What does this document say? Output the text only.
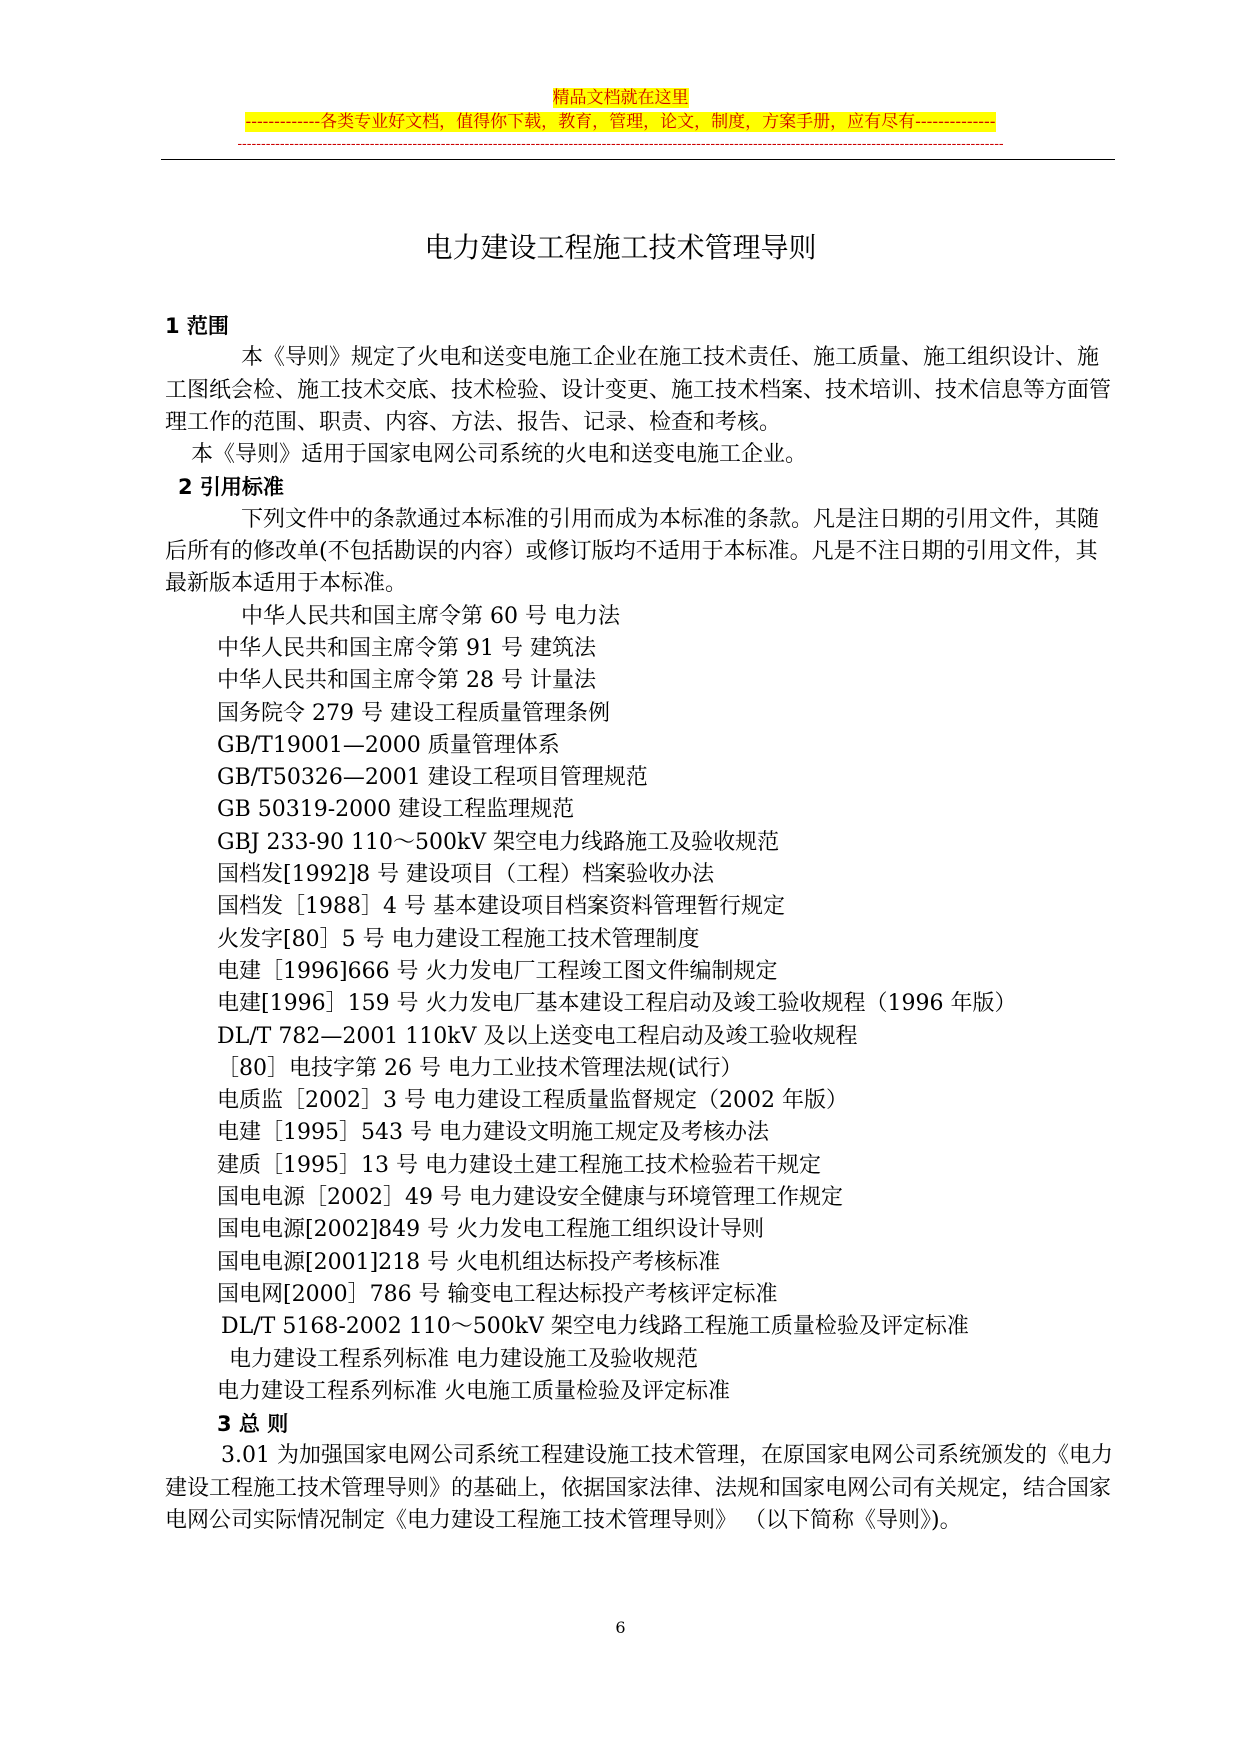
精品文档就在这里
-------------各类专业好文档，值得你下载，教育，管理，论文，制度，方案手册，应有尽有--------------
------------------------------------------------------------------------------------------------------------------------------------------------------------------
电力建设工程施工技术管理导则

1 范围

本《导则》规定了火电和送变电施工企业在施工技术责任、施工质量、施工组织设计、施工图纸会检、施工技术交底、技术检验、设计变更、施工技术档案、技术培训、技术信息等方面管理工作的范围、职责、内容、方法、报告、记录、检查和考核。

本《导则》适用于国家电网公司系统的火电和送变电施工企业。

2 引用标准

下列文件中的条款通过本标准的引用而成为本标准的条款。凡是注日期的引用文件，其随后所有的修改单(不包括勘误的内容）或修订版均不适用于本标准。凡是不注日期的引用文件，其最新版本适用于本标准。

中华人民共和国主席令第 60 号 电力法

中华人民共和国主席令第 91 号 建筑法

中华人民共和国主席令第 28 号 计量法

国务院令 279 号 建设工程质量管理条例

GB/T19001—2000 质量管理体系

GB/T50326—2001 建设工程项目管理规范

GB 50319-2000 建设工程监理规范

GBJ 233-90 110～500kV 架空电力线路施工及验收规范

国档发[1992]8 号 建设项目（工程）档案验收办法

国档发［1988］4 号 基本建设项目档案资料管理暂行规定

火发字[80］5 号 电力建设工程施工技术管理制度

电建［1996]666 号 火力发电厂工程竣工图文件编制规定

电建[1996］159 号 火力发电厂基本建设工程启动及竣工验收规程（1996 年版）

DL/T 782—2001 110kV 及以上送变电工程启动及竣工验收规程

［80］电技字第 26 号 电力工业技术管理法规(试行）

电质监［2002］3 号 电力建设工程质量监督规定（2002 年版）

电建［1995］543 号 电力建设文明施工规定及考核办法

建质［1995］13 号 电力建设土建工程施工技术检验若干规定

国电电源［2002］49 号 电力建设安全健康与环境管理工作规定

国电电源[2002]849 号 火力发电工程施工组织设计导则

国电电源[2001]218 号 火电机组达标投产考核标准

国电网[2000］786 号 输变电工程达标投产考核评定标准

DL/T 5168-2002 110～500kV 架空电力线路工程施工质量检验及评定标准

电力建设工程系列标准 电力建设施工及验收规范

电力建设工程系列标准 火电施工质量检验及评定标准

3 总 则

3.01 为加强国家电网公司系统工程建设施工技术管理，在原国家电网公司系统颁发的《电力建设工程施工技术管理导则》的基础上，依据国家法律、法规和国家电网公司有关规定，结合国家电网公司实际情况制定《电力建设工程施工技术管理导则》 （以下简称《导则》)。

6
